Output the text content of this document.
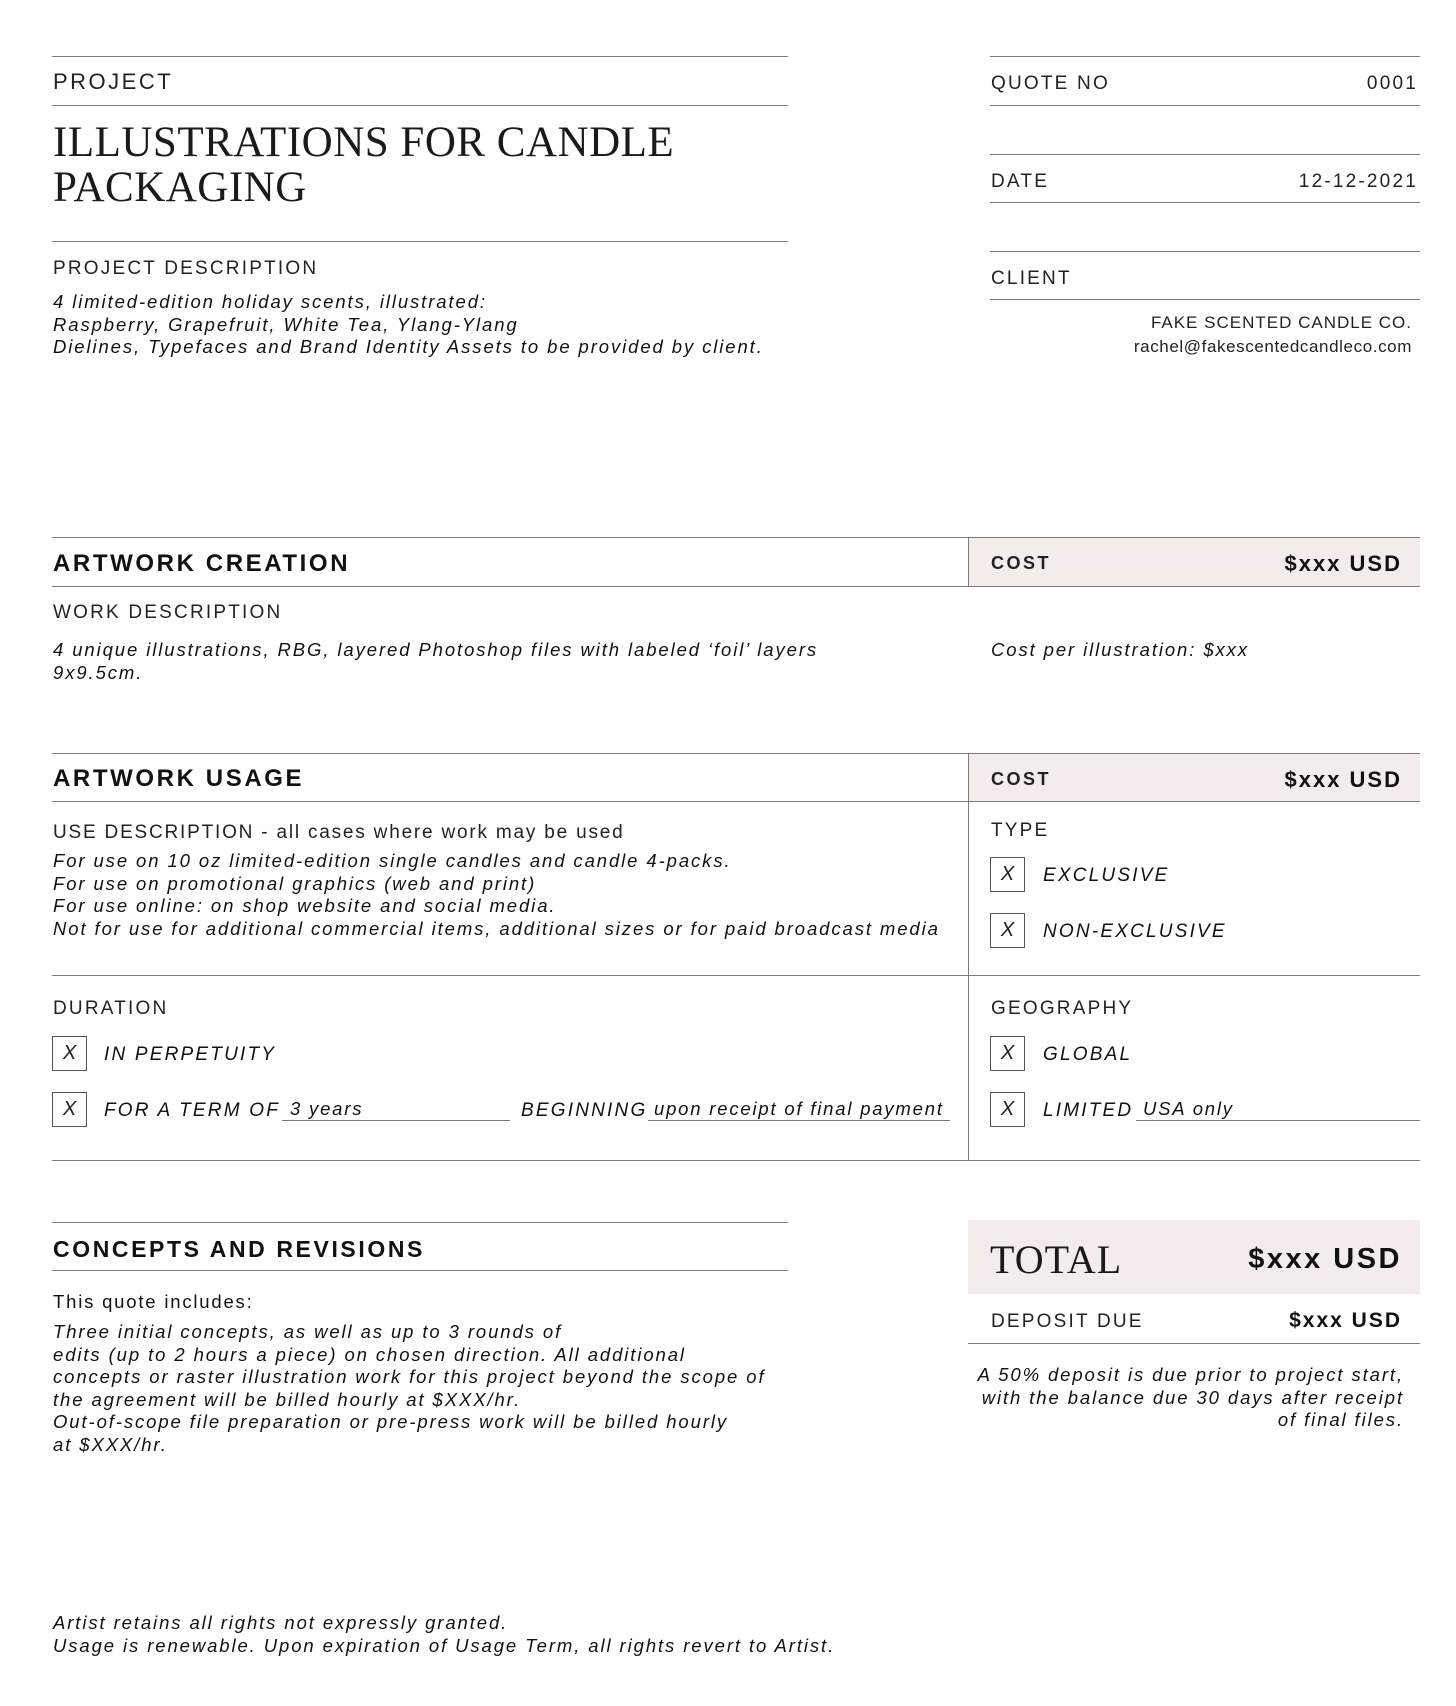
PROJECT
ILLUSTRATIONS FOR CANDLE
PACKAGING
PROJECT DESCRIPTION
4 limited-edition holiday scents, illustrated:
Raspberry, Grapefruit, White Tea, Ylang-Ylang
Dielines, Typefaces and Brand Identity Assets to be provided by client.
QUOTE NO	0001
DATE	12-12-2021
CLIENT
FAKE SCENTED CANDLE CO.
rachel@fakescentedcandleco.com
ARTWORK CREATION	COST	$xxx USD
WORK DESCRIPTION
4 unique illustrations, RBG, layered Photoshop files with labeled ‘foil’ layers
9x9.5cm.
Cost per illustration: $xxx
ARTWORK USAGE	COST	$xxx USD
USE DESCRIPTION - all cases where work may be used
For use on 10 oz limited-edition single candles and candle 4-packs.
For use on promotional graphics (web and print)
For use online: on shop website and social media.
Not for use for additional commercial items, additional sizes or for paid broadcast media
TYPE
X	EXCLUSIVE
X	NON-EXCLUSIVE
DURATION
X	IN PERPETUITY
X	FOR A TERM OF 3 years	BEGINNING upon receipt of final payment
GEOGRAPHY
X	GLOBAL
X	LIMITED USA only
CONCEPTS AND REVISIONS
This quote includes:
Three initial concepts, as well as up to 3 rounds of
edits (up to 2 hours a piece) on chosen direction. All additional
concepts or raster illustration work for this project beyond the scope of
the agreement will be billed hourly at $XXX/hr.
Out-of-scope file preparation or pre-press work will be billed hourly
at $XXX/hr.
TOTAL	$xxx USD
DEPOSIT DUE	$xxx USD
A 50% deposit is due prior to project start,
with the balance due 30 days after receipt
of final files.
Artist retains all rights not expressly granted.
Usage is renewable. Upon expiration of Usage Term, all rights revert to Artist.
